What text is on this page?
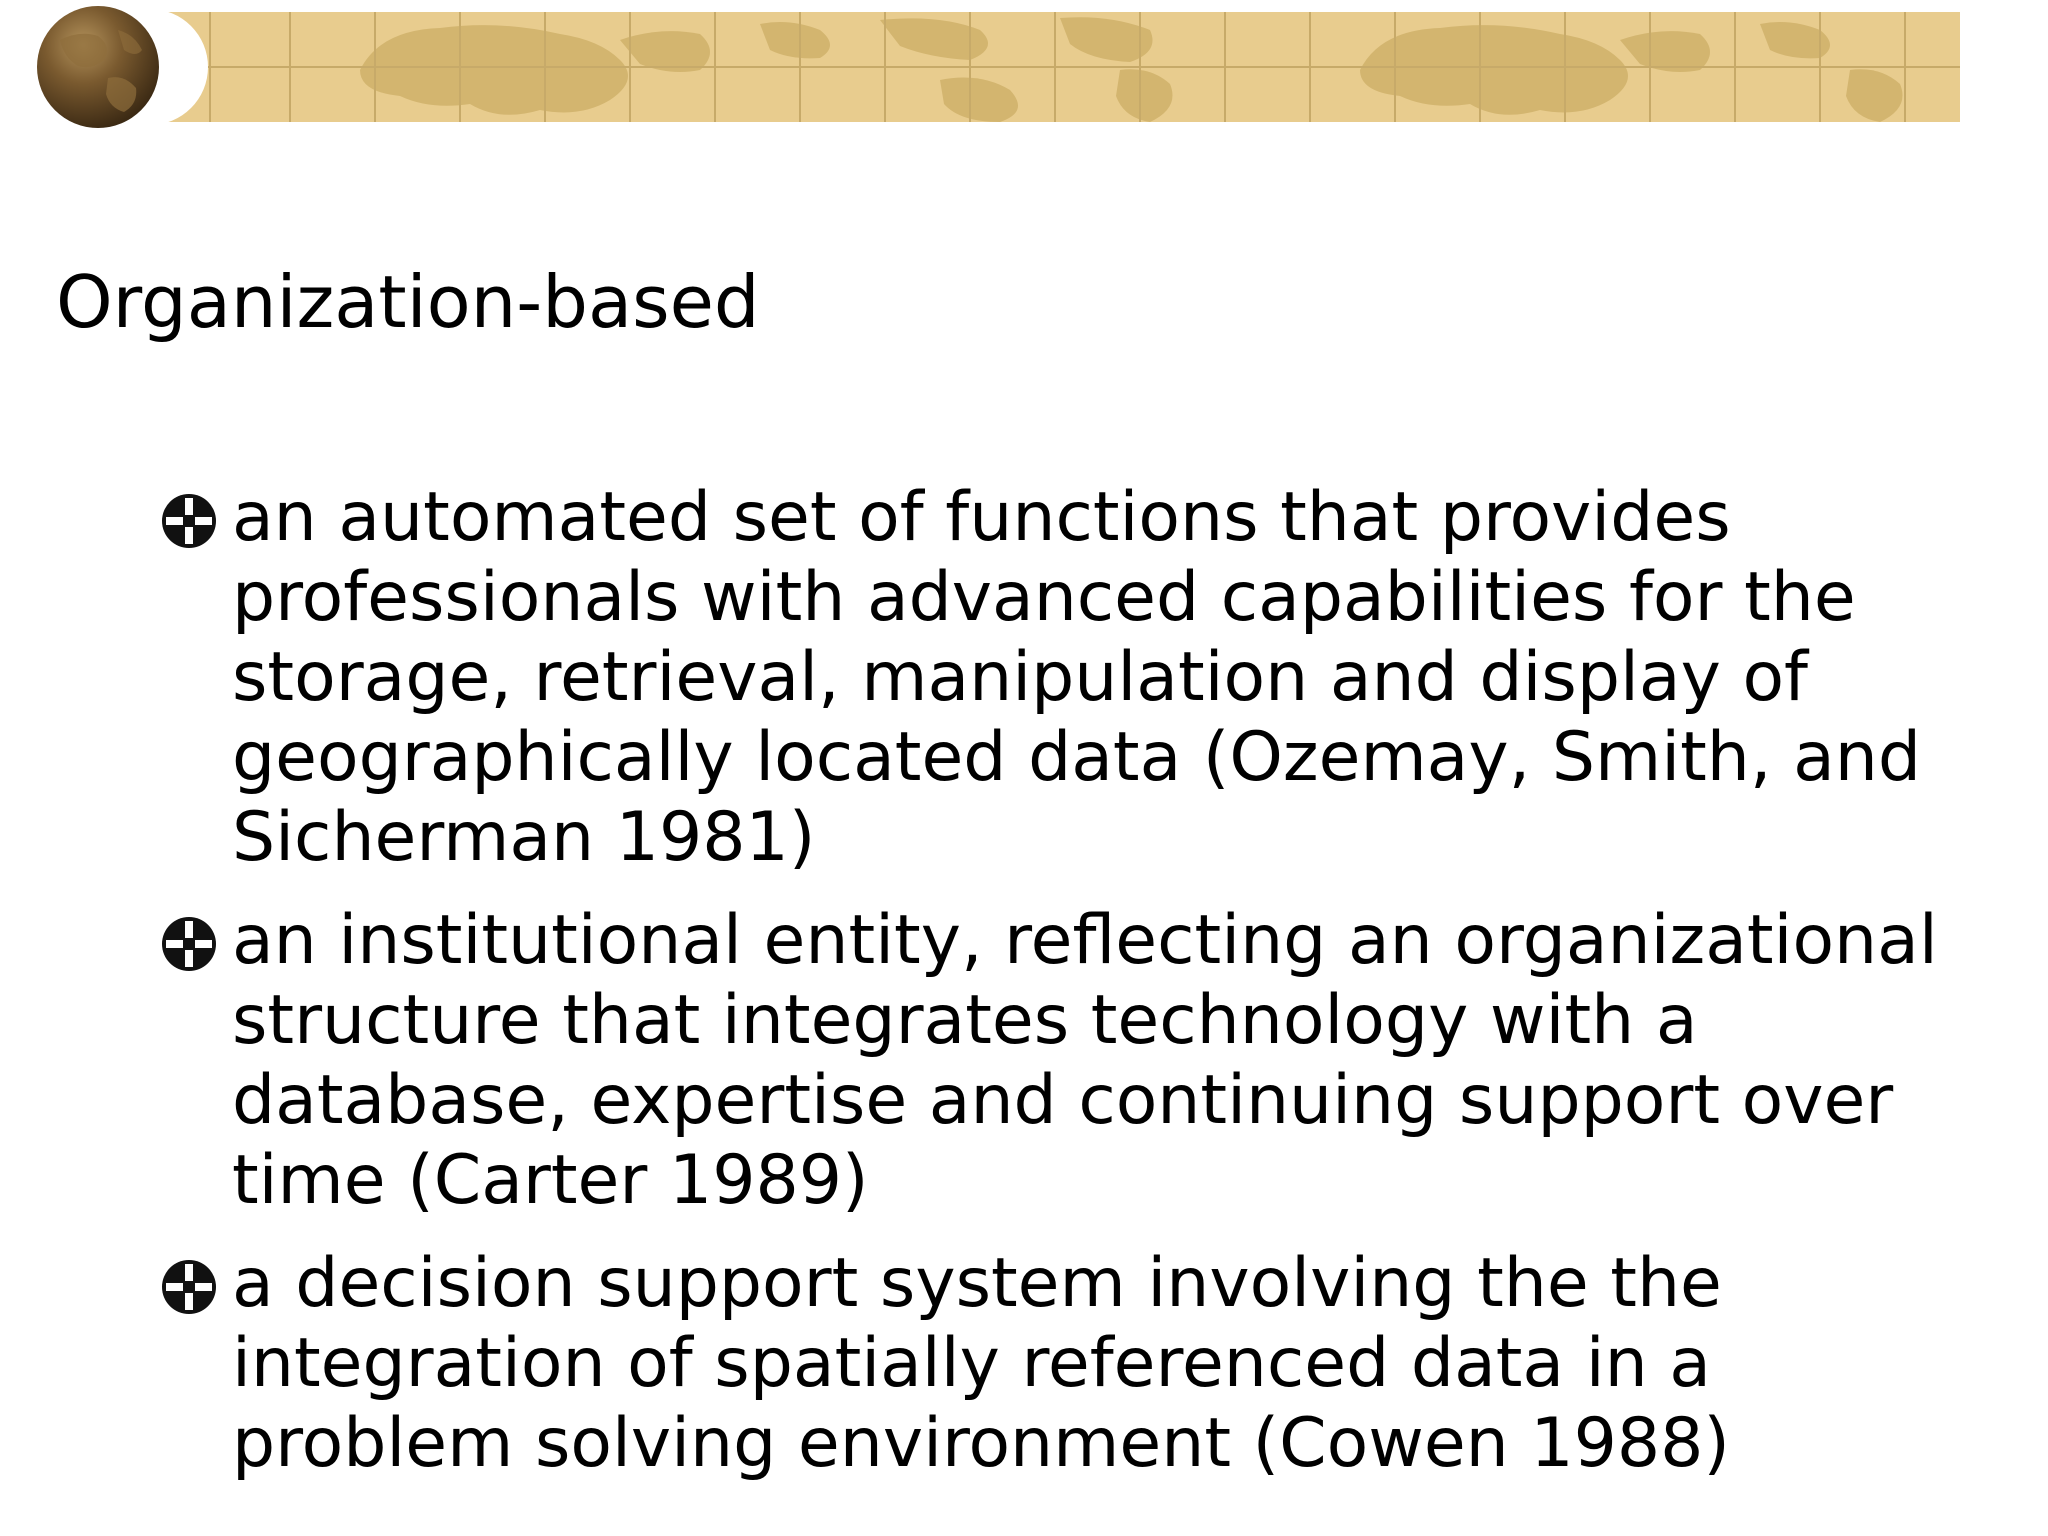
Organization-based
an automated set of functions that provides professionals with advanced capabilities for the storage, retrieval, manipulation and display of geographically located data (Ozemay, Smith, and Sicherman 1981)
an institutional entity, reflecting an organizational structure that integrates technology with a database, expertise and continuing support over time (Carter 1989)
a decision support system involving the the integration of spatially referenced data in a problem solving environment (Cowen 1988)
